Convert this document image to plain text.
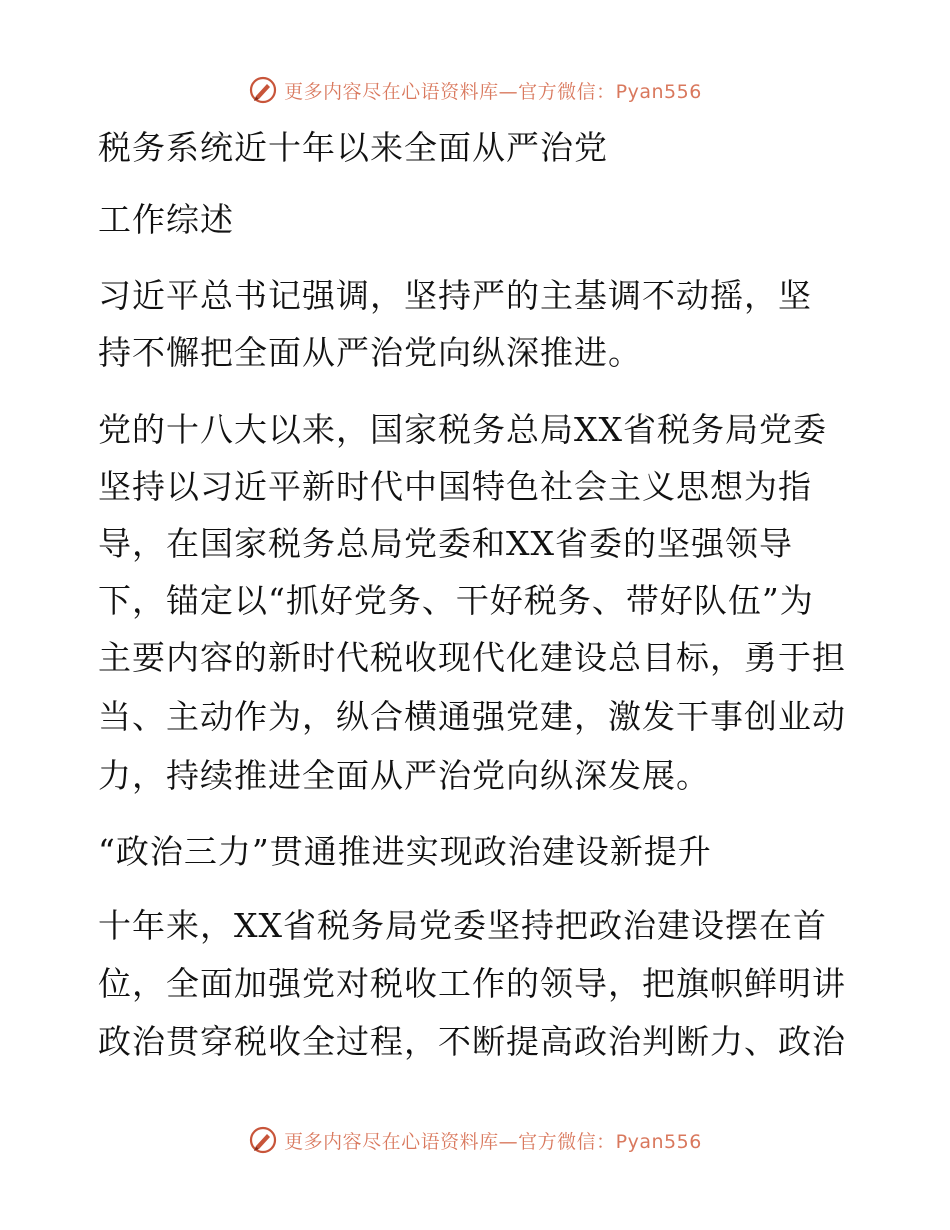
更多内容尽在心语资料库—官方微信：Pyan556
税务系统近十年以来全面从严治党
工作综述
习近平总书记强调，坚持严的主基调不动摇，坚
持不懈把全面从严治党向纵深推进。
党的十八大以来，国家税务总局XX省税务局党委
坚持以习近平新时代中国特色社会主义思想为指
导，在国家税务总局党委和XX省委的坚强领导
下，锚定以“抓好党务、干好税务、带好队伍”为
主要内容的新时代税收现代化建设总目标，勇于担
当、主动作为，纵合横通强党建，激发干事创业动
力，持续推进全面从严治党向纵深发展。
“政治三力”贯通推进实现政治建设新提升
十年来，XX省税务局党委坚持把政治建设摆在首
位，全面加强党对税收工作的领导，把旗帜鲜明讲
政治贯穿税收全过程，不断提高政治判断力、政治
更多内容尽在心语资料库—官方微信：Pyan556
